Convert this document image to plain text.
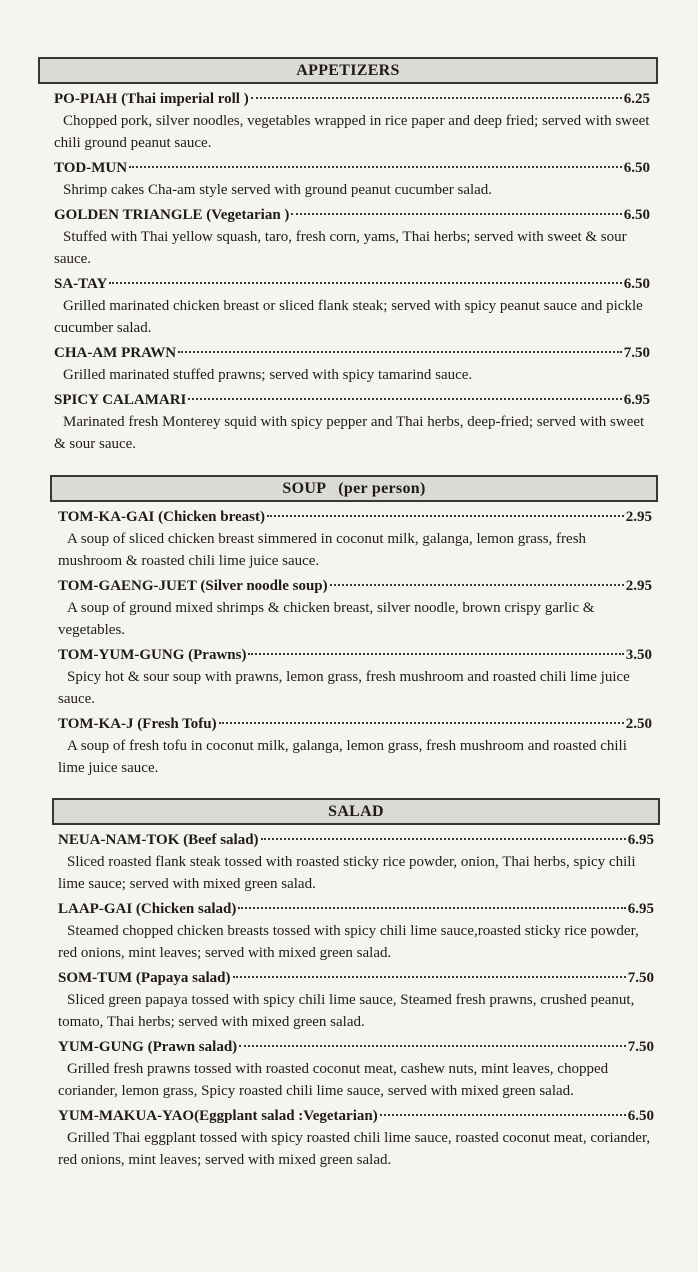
APPETIZERS
PO-PIAH (Thai imperial roll )	6.25
Chopped pork, silver noodles, vegetables wrapped in rice paper and deep fried; served with sweet chili ground peanut sauce.
TOD-MUN	6.50
Shrimp cakes Cha-am style served with ground peanut cucumber salad.
GOLDEN TRIANGLE (Vegetarian )	6.50
Stuffed with Thai yellow squash, taro, fresh corn, yams, Thai herbs; served with sweet & sour sauce.
SA-TAY	6.50
Grilled marinated chicken breast or sliced flank steak; served with spicy peanut sauce and pickle cucumber salad.
CHA-AM PRAWN	7.50
Grilled marinated stuffed prawns; served with spicy tamarind sauce.
SPICY CALAMARI	6.95
Marinated fresh Monterey squid with spicy pepper and Thai herbs, deep-fried; served with sweet & sour sauce.
SOUP   (per person)
TOM-KA-GAI (Chicken breast)	2.95
A soup of sliced chicken breast simmered in coconut milk, galanga, lemon grass, fresh mushroom & roasted chili lime juice sauce.
TOM-GAENG-JUET (Silver noodle soup)	2.95
A soup of ground mixed shrimps & chicken breast, silver noodle, brown crispy garlic & vegetables.
TOM-YUM-GUNG (Prawns)	3.50
Spicy hot & sour soup with prawns, lemon grass, fresh mushroom and roasted chili lime juice sauce.
TOM-KA-J (Fresh Tofu)	2.50
A soup of fresh tofu in coconut milk, galanga, lemon grass, fresh mushroom and roasted chili lime juice sauce.
SALAD
NEUA-NAM-TOK (Beef salad)	6.95
Sliced roasted flank steak tossed with roasted sticky rice powder, onion, Thai herbs, spicy chili lime sauce; served with mixed green salad.
LAAP-GAI (Chicken salad)	6.95
Steamed chopped chicken breasts tossed with spicy chili lime sauce,roasted sticky rice powder, red onions, mint leaves; served with mixed green salad.
SOM-TUM (Papaya salad)	7.50
Sliced green papaya tossed with spicy chili lime sauce, Steamed fresh prawns, crushed peanut, tomato, Thai herbs; served with mixed green salad.
YUM-GUNG (Prawn salad)	7.50
Grilled fresh prawns tossed with roasted coconut meat, cashew nuts, mint leaves, chopped coriander, lemon grass, Spicy roasted chili lime sauce, served with mixed green salad.
YUM-MAKUA-YAO(Eggplant salad :Vegetarian)	6.50
Grilled Thai eggplant tossed with spicy roasted chili lime sauce, roasted coconut meat, coriander, red onions, mint leaves; served with mixed green salad.
